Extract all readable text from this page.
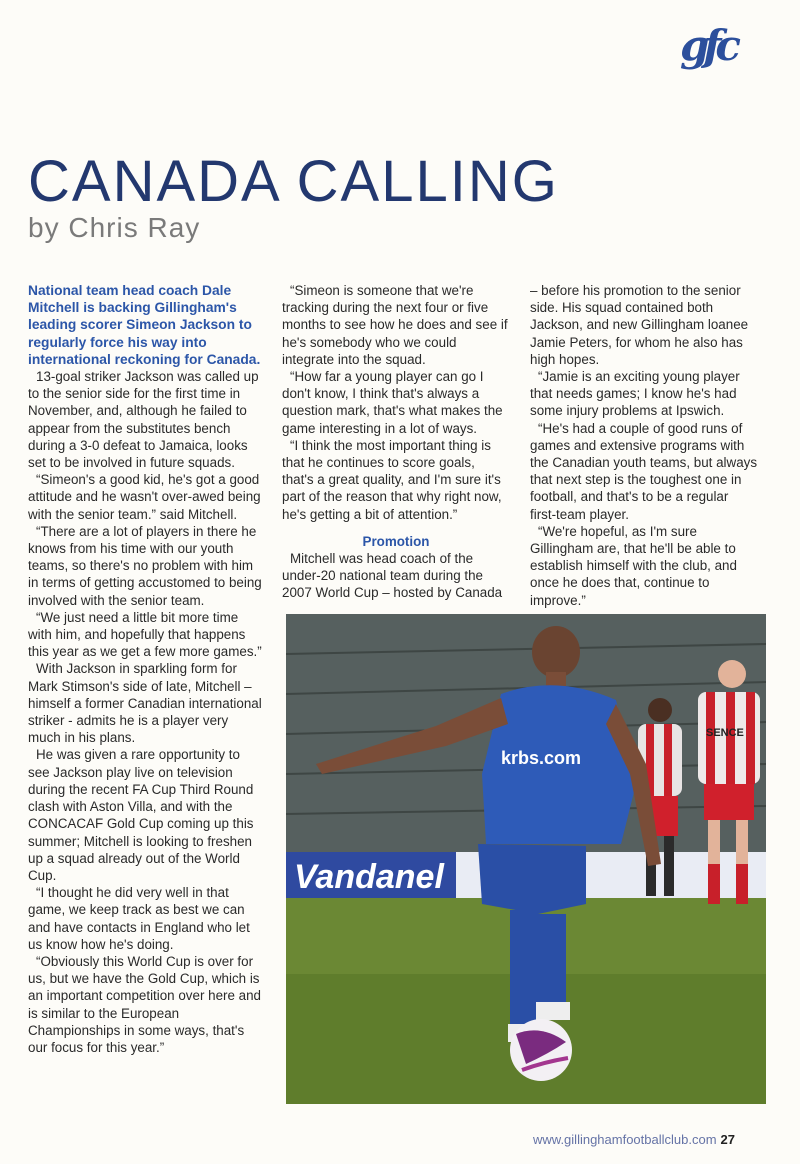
gfc
CANADA CALLING
by Chris Ray

National team head coach Dale Mitchell is backing Gillingham's leading scorer Simeon Jackson to regularly force his way into international reckoning for Canada.

13-goal striker Jackson was called up to the senior side for the first time in November, and, although he failed to appear from the substitutes bench during a 3-0 defeat to Jamaica, looks set to be involved in future squads.

“Simeon's a good kid, he's got a good attitude and he wasn't over-awed being with the senior team.” said Mitchell.

“There are a lot of players in there he knows from his time with our youth teams, so there's no problem with him in terms of getting accustomed to being involved with the senior team.

“We just need a little bit more time with him, and hopefully that happens this year as we get a few more games.”

With Jackson in sparkling form for Mark Stimson's side of late, Mitchell – himself a former Canadian international striker - admits he is a player very much in his plans.

He was given a rare opportunity to see Jackson play live on television during the recent FA Cup Third Round clash with Aston Villa, and with the CONCACAF Gold Cup coming up this summer; Mitchell is looking to freshen up a squad already out of the World Cup.

“I thought he did very well in that game, we keep track as best we can and have contacts in England who let us know how he's doing.

“Obviously this World Cup is over for us, but we have the Gold Cup, which is an important competition over here and is similar to the European Championships in some ways, that's our focus for this year.”

“Simeon is someone that we're tracking during the next four or five months to see how he does and see if he's somebody who we could integrate into the squad.

“How far a young player can go I don't know, I think that's always a question mark, that's what makes the game interesting in a lot of ways.

“I think the most important thing is that he continues to score goals, that's a great quality, and I'm sure it's part of the reason that why right now, he's getting a bit of attention.”

Promotion

Mitchell was head coach of the under-20 national team during the 2007 World Cup – hosted by Canada

– before his promotion to the senior side. His squad contained both Jackson, and new Gillingham loanee Jamie Peters, for whom he also has high hopes.

“Jamie is an exciting young player that needs games; I know he's had some injury problems at Ipswich.

“He's had a couple of good runs of games and extensive programs with the Canadian youth teams, but always that next step is the toughest one in football, and that's to be a regular first-team player.

“We're hopeful, as I'm sure Gillingham are, that he'll be able to establish himself with the club, and once he does that, continue to improve.”

Vandanel
SENCE
krbs.com
www.gillinghamfootballclub.com 27
